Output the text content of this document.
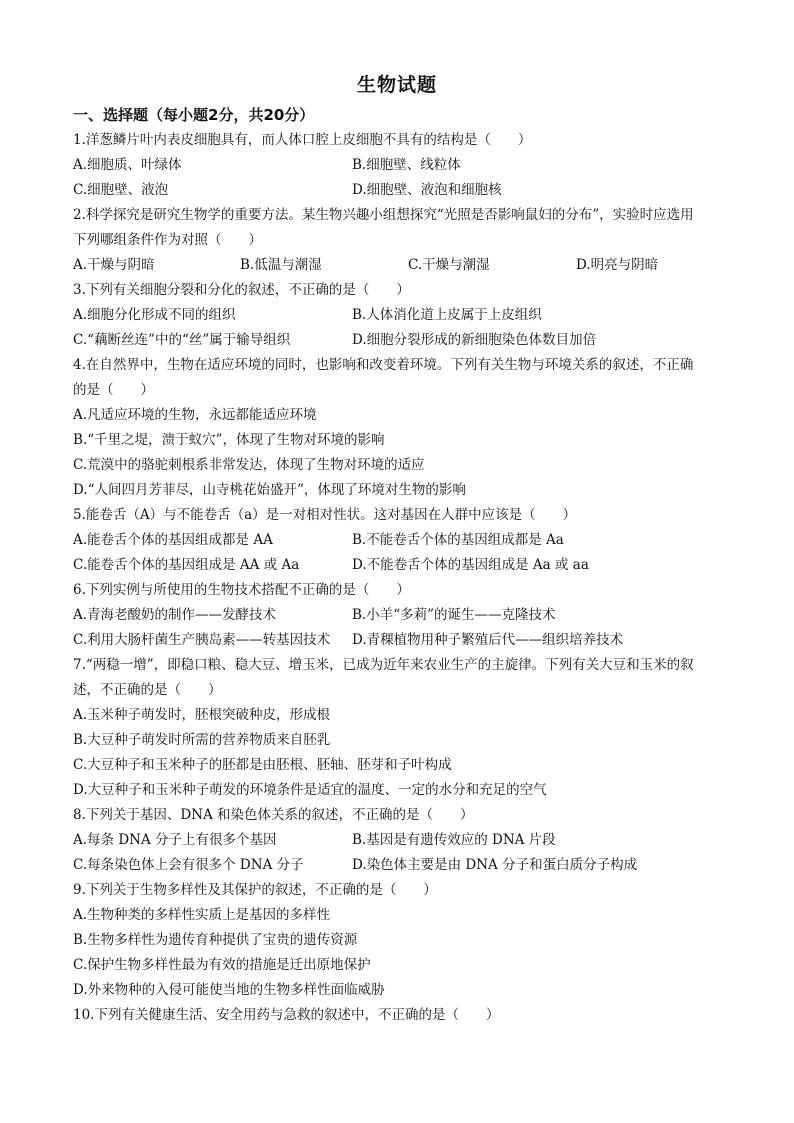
生物试题
一、选择题（每小题2分，共20分）
1.洋葱鳞片叶内表皮细胞具有，而人体口腔上皮细胞不具有的结构是（　　）
A.细胞质、叶绿体	B.细胞壁、线粒体
C.细胞壁、液泡	D.细胞壁、液泡和细胞核
2.科学探究是研究生物学的重要方法。某生物兴趣小组想探究“光照是否影响鼠妇的分布”，实验时应选用
下列哪组条件作为对照（　　）
A.干燥与阴暗	B.低温与潮湿	C.干燥与潮湿	D.明亮与阴暗
3.下列有关细胞分裂和分化的叙述，不正确的是（　　）
A.细胞分化形成不同的组织	B.人体消化道上皮属于上皮组织
C.“藕断丝连”中的“丝”属于输导组织	D.细胞分裂形成的新细胞染色体数目加倍
4.在自然界中，生物在适应环境的同时，也影响和改变着环境。下列有关生物与环境关系的叙述，不正确
的是（　　）
A.凡适应环境的生物，永远都能适应环境
B.“千里之堤，溃于蚁穴”，体现了生物对环境的影响
C.荒漠中的骆驼刺根系非常发达，体现了生物对环境的适应
D.“人间四月芳菲尽，山寺桃花始盛开”，体现了环境对生物的影响
5.能卷舌（A）与不能卷舌（a）是一对相对性状。这对基因在人群中应该是（　　）
A.能卷舌个体的基因组成都是 AA	B.不能卷舌个体的基因组成都是 Aa
C.能卷舌个体的基因组成是 AA 或 Aa	D.不能卷舌个体的基因组成是 Aa 或 aa
6.下列实例与所使用的生物技术搭配不正确的是（　　）
A.青海老酸奶的制作——发酵技术	B.小羊“多莉”的诞生——克隆技术
C.利用大肠杆菌生产胰岛素——转基因技术 D.青稞植物用种子繁殖后代——组织培养技术
7.“两稳一增”，即稳口粮、稳大豆、增玉米，已成为近年来农业生产的主旋律。下列有关大豆和玉米的叙
述，不正确的是（　　）
A.玉米种子萌发时，胚根突破种皮，形成根
B.大豆种子萌发时所需的营养物质来自胚乳
C.大豆种子和玉米种子的胚都是由胚根、胚轴、胚芽和子叶构成
D.大豆种子和玉米种子萌发的环境条件是适宜的温度、一定的水分和充足的空气
8.下列关于基因、DNA 和染色体关系的叙述，不正确的是（　　）
A.每条 DNA 分子上有很多个基因	B.基因是有遗传效应的 DNA 片段
C.每条染色体上会有很多个 DNA 分子	D.染色体主要是由 DNA 分子和蛋白质分子构成
9.下列关于生物多样性及其保护的叙述，不正确的是（　　）
A.生物种类的多样性实质上是基因的多样性
B.生物多样性为遗传育种提供了宝贵的遗传资源
C.保护生物多样性最为有效的措施是迁出原地保护
D.外来物种的入侵可能使当地的生物多样性面临威胁
10.下列有关健康生活、安全用药与急救的叙述中，不正确的是（　　）
